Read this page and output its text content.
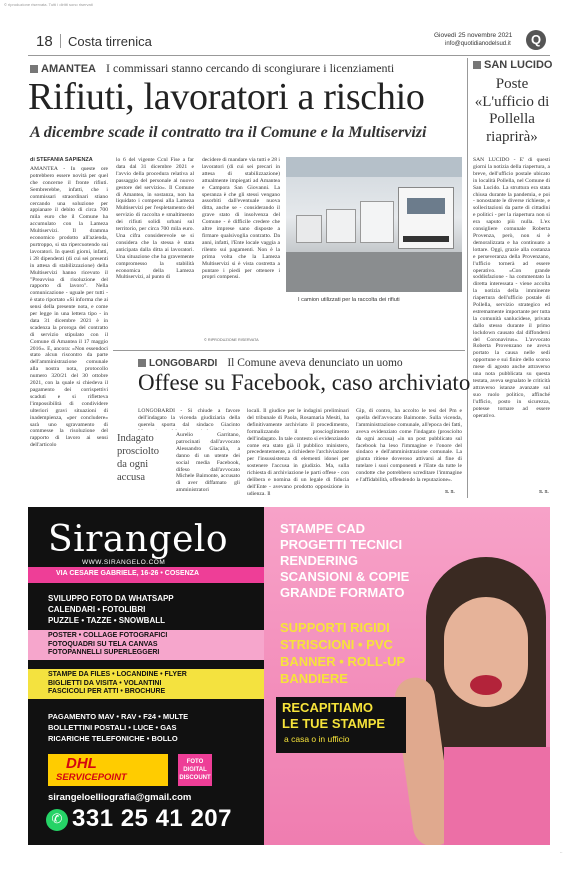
© riproduzione riservata. Tutti i diritti sono riservati
18 Costa tirrenica	Giovedì 25 novembre 2021
info@quotidianodelsud.it	Q
AMANTEA I commissari stanno cercando di scongiurare i licenziamenti
Rifiuti, lavoratori a rischio
A dicembre scade il contratto tra il Comune e la Multiservizi
di STEFANIA SAPIENZA
AMANTEA - In queste ore potrebbero essere novità per quel che concerne il fronte rifiuti. Sembrerebbe, infatti, che i commissari straordinari stiano cercando una soluzione per appianare il debito di circa 700 mila euro che il Comune ha accumulato con la Lameza Multiservizi. Il dramma economico prodotto all'azienda, purtroppo, si sta ripercuotendo sui lavoratori. In questi giorni, infatti, i 28 dipendenti (di cui sei presenti in attesa di stabilizzazione) della Multiservizi hanno ricevuto il "Preavviso di risoluzione del rapporto di lavoro". Nella comunicazione - uguale per tutti - è stato riportato «Si informa che ai sensi della presente nota, e come per legge in una lettera tipo - in data 31 dicembre 2021 è in scadenza la proroga del contratto di servizio stipulato con il Comune di Amantea il 17 maggio 2016». E, ancora: «Non essendoci stato alcun riscontro da parte dell'amministrazione comunale alla nostra nota, protocollo numero 320/21 del 30 ottobre 2021, con la quale si chiedeva il pagamento dei corrispettivi scaduti e si rifletteva l'impossibilità di condividere ulteriori gravi situazioni di inadempienza, «per concludere» sarà uno sgravamento di commesse la risoluzione del rapporto di lavoro ai sensi dell'articolo
lo 6 del vigente Ccnl Fise a far data dal 31 dicembre 2021 e l'avvio della procedura relativa al passaggio del personale al nuovo gestore del servizio». Il Comune di Amantea, in sostanza, non ha liquidato i compensi alla Lameza Multiservizi per l'espletamento del servizio di raccolta e smaltimento dei rifiuti solidi urbani sul territorio, per circa 700 mila euro. Una cifra considerevole se si considera che la stessa è stata anticipata dalla ditta ai lavoratori. Una situazione che ha gravemente compromesso la stabilità economica della Lameza Multiservizi, al punto di
decidere di mandare via tutti e 28 i lavoratori (di cui sei precari in attesa di stabilizzazione) attualmente impiegati ad Amantea e Campora San Giovanni. La speranza è che gli stessi vengano assorbiti dall'eventuale nuova ditta, anche se - considerando il grave stato di insolvenza del Comune - è difficile credere che altre imprese sano disposte a firmare qualsivoglia contratto. Da anni, infatti, l'Ente locale vaggia a rilento sui pagamenti. Non è la prima volta che la Lameza Multiservizi si è vista costretta a puntare i piedi per ottenere i propri compensi.
© RIPRODUZIONE RISERVATA
I camion utilizzati per la raccolta dei rifiuti
SAN LUCIDO
Poste «L'ufficio di Pollella riaprirà»
SAN LUCIDO - E' di questi giorni la notizia della riapertura, a breve, dell'ufficio postale ubicato in località Pollella, nel Comune di San Lucido. La struttura era stata chiusa durante la pandemia, e poi - nonostante le diverse richieste, e sollecitazioni da parte di cittadini e politici - per la riapertura non si era saputo più nulla. L'ex consigliere comunale Roberta Provenza, però, non si è demoralizzata e ha continuato a lottare. Oggi, grazie alla costanza e perseveranza della Provenzano, l'ufficio tornerà ad essere operativo. «Con grande soddisfazione - ha commentato la diretta interessata - viene accolta la notizia della imminente riapertura dell'ufficio postale di Pollella, servizio strategico ed estremamente importante per tutta la comunità sanlucidese, privata dallo stesso durante il primo lockdown causato dal diffondersi del Coronavirus». L'avvocato Roberta Provenzano ne aveva portato la causa nelle sedi opportune e sui finire dello scorso mese di agosto anche attraverso una nota pubblicata su questa testata, aveva segnalato le criticità attraverso istanze avanzate sul suo ruolo politico, affinché l'ufficio, posto in sicurezza, potesse tornare ad essere operativo.
S. S.
LONGOBARDI Il Comune aveva denunciato un uomo
Offese su Facebook, caso archiviato
LONGOBARDI - Si chiude a favore dell'indagato la vicenda giudiziaria della querela sporta dal sindaco Giacinto
Indagato prosciolto da ogni accusa
Aurelio Garritano, patrocinati dall'avvocato Alessandro Giacalia, a danno di un utente dei social media Facebook, difeso dall'avvocato Michele Baimonte, accusato di aver diffamato gli amministratori
locali. Il giudice per le indagini preliminari del tribunale di Paola, Rosamaria Mesiti, ha definitivamente archiviato il procedimento, formalizzando il proscioglimento dell'indagato. In tale contesto si evidenziando come era stato già il pubblico ministero, precedentemente, a richiedere l'archiviazione per l'insussistenza di elementi idonei per sostenere l'accusa in giudizio. Ma, sulla richiesta di archiviazione le parti offese - con delibera e nomina di un legale di fiducia dell'Ente - avevano prodotto opposizione in udienza. Il
Gip, di contro, ha accolto le tesi del Pm e quella dell'avvocato Baimonte. Sulla vicenda, l'amministrazione comunale, all'epoca dei fatti, aveva evidenziato come l'indagato (prosciolto da ogni accusa) «in un post pubblicato sul facebook ha leso l'immagine e l'onore del sindaco e dell'amministrazione comunale. La giunta ritiene doveroso attivarsi al fine di tutelare i suoi componenti e l'Ente da tutte le condotte che potrebbero screditare l'immagine e l'affidabilità, offendendo la reputazione».
S. S.
Sirangelo
WWW.SIRANGELO.COM
VIA CESARE GABRIELE, 16-26 • COSENZA
SVILUPPO FOTO DA WHATSAPP
CALENDARI • FOTOLIBRI
PUZZLE • TAZZE • SNOWBALL
POSTER • COLLAGE FOTOGRAFICI
FOTOQUADRI SU TELA CANVAS
FOTOPANNELLI SUPERLEGGERI
STAMPE DA FILES • LOCANDINE • FLYER
BIGLIETTI DA VISITA • VOLANTINI
FASCICOLI PER ATTI • BROCHURE
PAGAMENTO MAV • RAV • F24 • MULTE
BOLLETTINI POSTALI • LUCE • GAS
RICARICHE TELEFONICHE • BOLLO
DHL
SERVICEPOINT
FOTO DIGITAL DISCOUNT
sirangeloelliografia@gmail.com
✆ 331 25 41 207
STAMPE CAD
PROGETTI TECNICI
RENDERING
SCANSIONI & COPIE
GRANDE FORMATO
SUPPORTI RIGIDI
STRISCIONI • PVC
BANNER • ROLL-UP
BANDIERE
RECAPITIAMO
LE TUE STAMPE
a casa o in ufficio
..
